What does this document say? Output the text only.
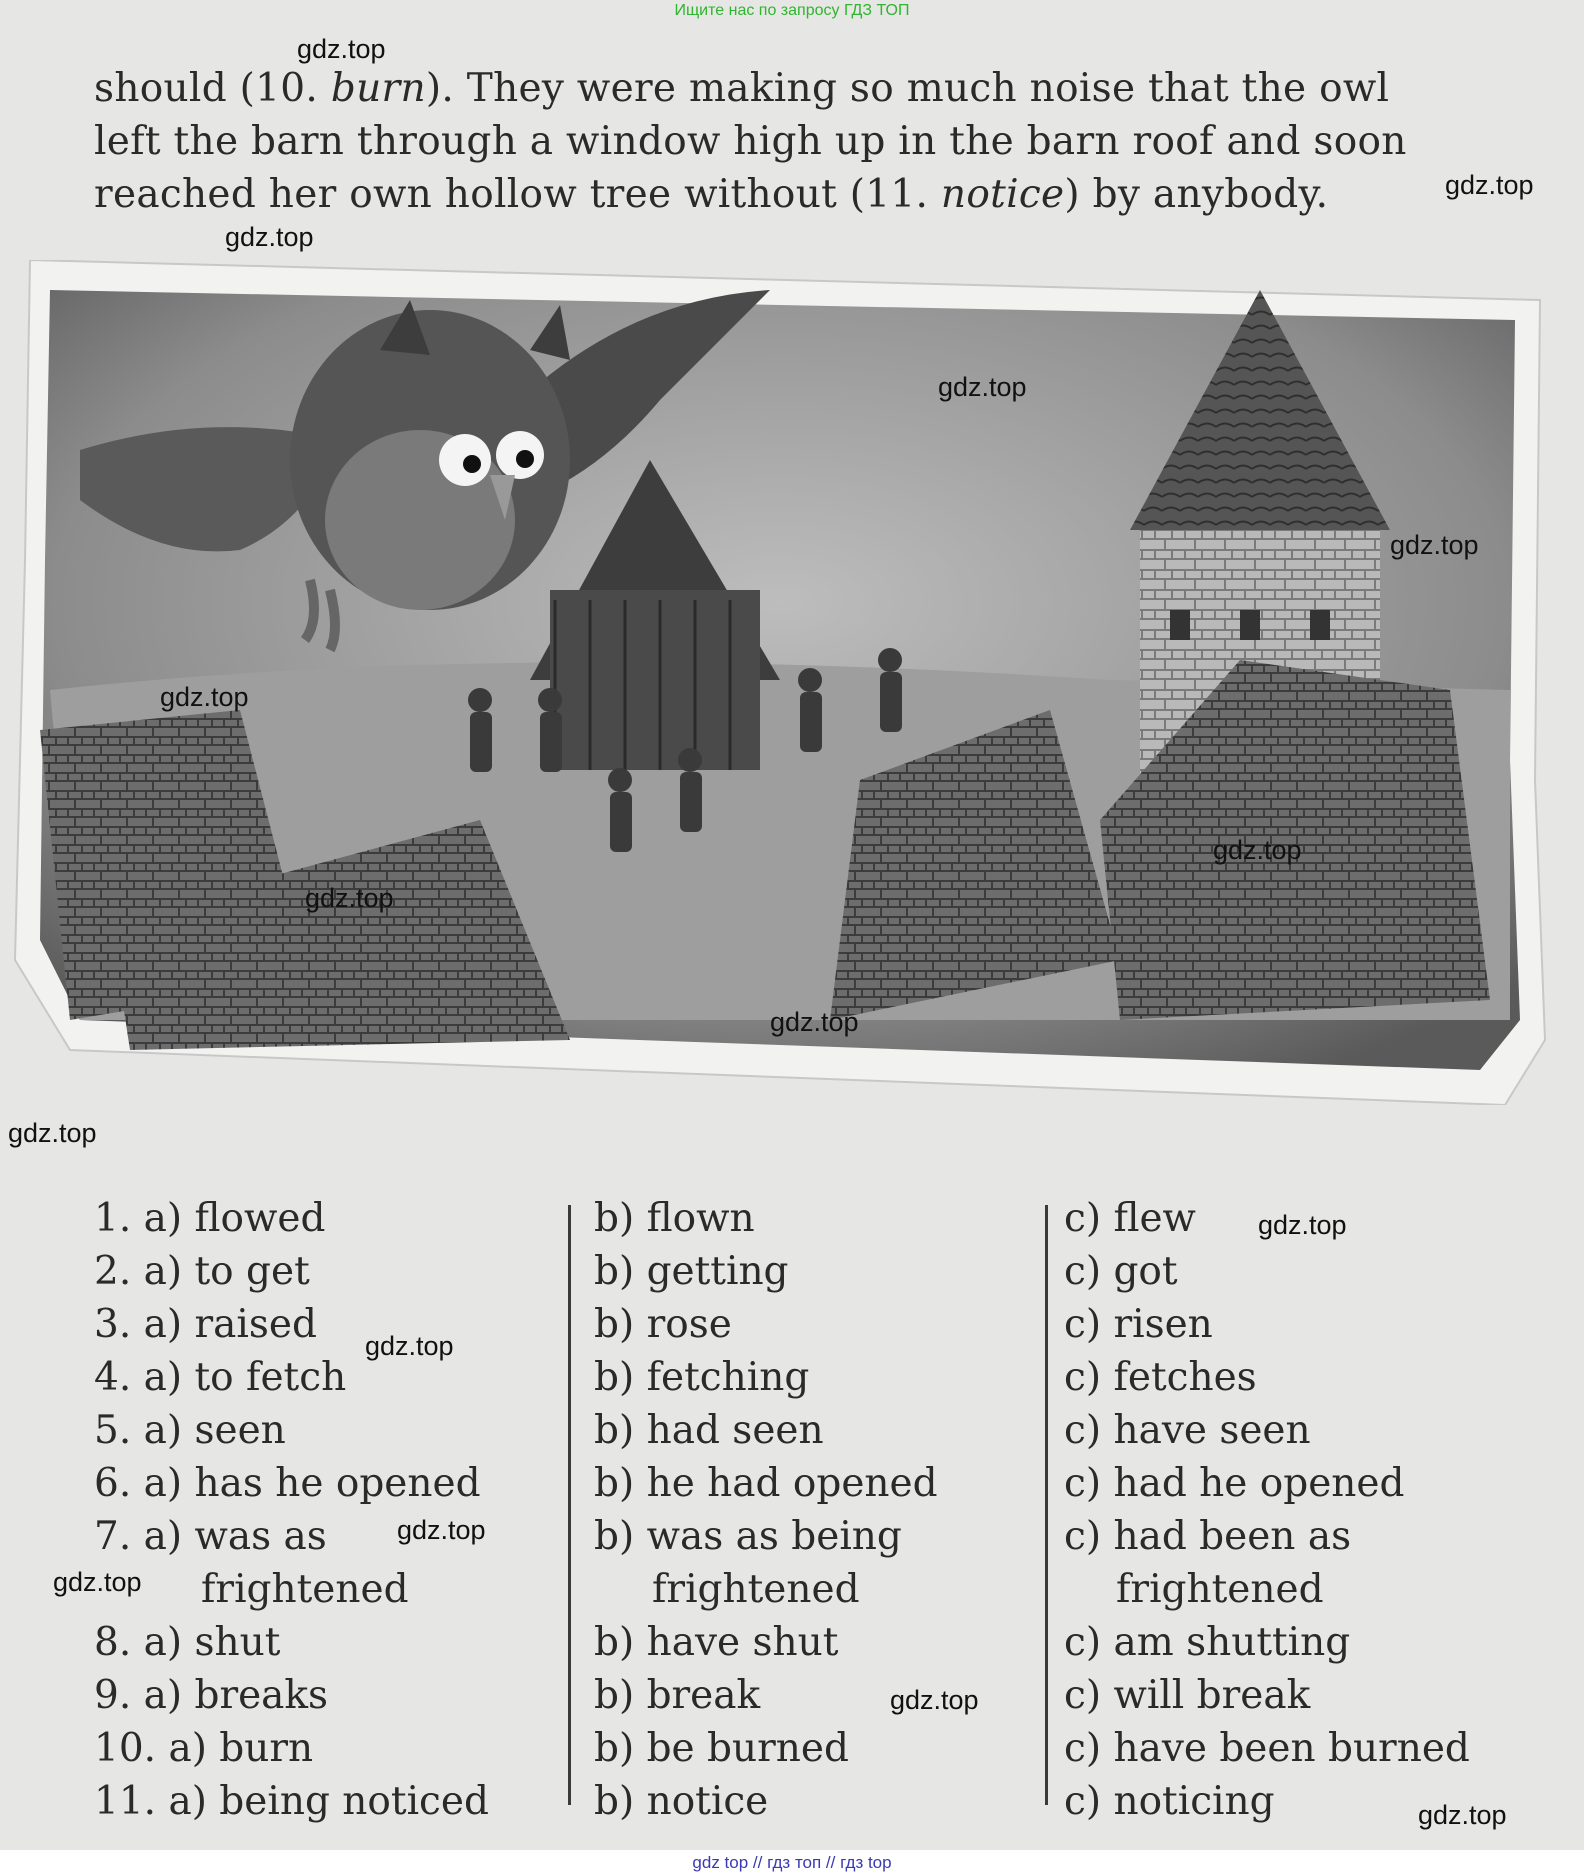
Ищите нас по запросу ГДЗ ТОП

should (10. burn). They were making so much noise that the owl

left the barn through a window high up in the barn roof and soon

reached her own hollow tree without (11. notice) by anybody.

1. a) flowed	b) flown	c) flew
2. a) to get	b) getting	c) got
3. a) raised	b) rose	c) risen
4. a) to fetch	b) fetching	c) fetches
5. a) seen	b) had seen	c) have seen
6. a) has he opened	b) he had opened	c) had he opened
7. a) was as	b) was as being	c) had been as
frightened	frightened	frightened
8. a) shut	b) have shut	c) am shutting
9. a) breaks	b) break	c) will break
10. a) burn	b) be burned	c) have been burned
11. a) being noticed	b) notice	c) noticing
gdz.top
gdz.top
gdz.top
gdz.top
gdz.top
gdz.top
gdz.top
gdz.top
gdz.top
gdz.top
gdz.top
gdz.top
gdz.top
gdz.top
gdz.top
gdz.top
gdz top // гдз топ // гдз top
